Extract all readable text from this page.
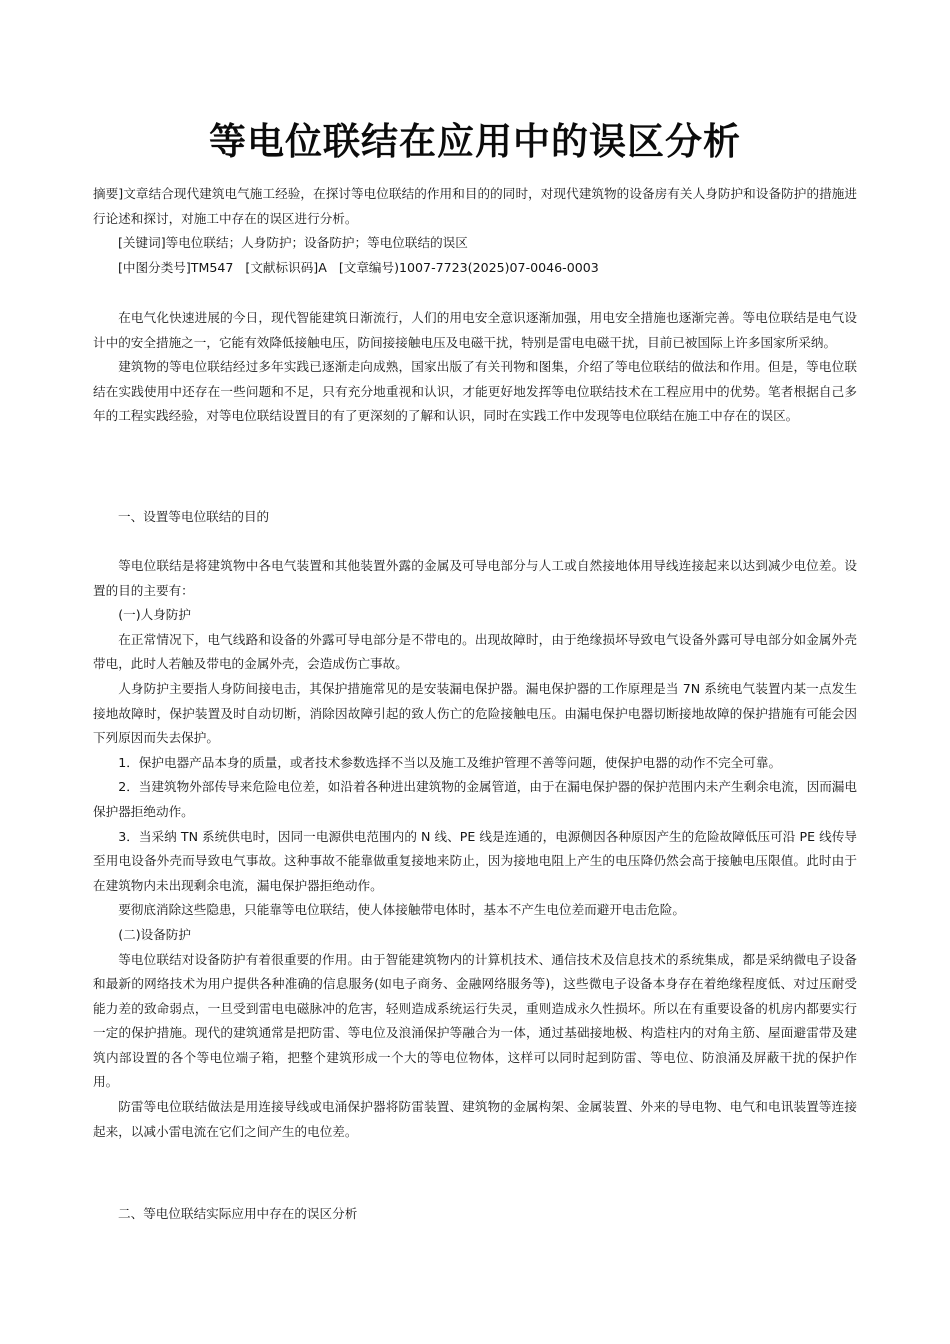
等电位联结在应用中的误区分析

摘要]文章结合现代建筑电气施工经验，在探讨等电位联结的作用和目的的同时，对现代建筑物的设备房有关人身防护和设备防护的措施进行论述和探讨，对施工中存在的误区进行分析。

[关键词]等电位联结；人身防护；设备防护；等电位联结的误区
[中图分类号]TM547   [文献标识码]A   [文章编号)1007-7723(2025)07-0046-0003

在电气化快速进展的今日，现代智能建筑日渐流行，人们的用电安全意识逐渐加强，用电安全措施也逐渐完善。等电位联结是电气设计中的安全措施之一，它能有效降低接触电压，防间接接触电压及电磁干扰，特别是雷电电磁干扰，目前已被国际上许多国家所采纳。

建筑物的等电位联结经过多年实践已逐渐走向成熟，国家出版了有关刊物和图集，介绍了等电位联结的做法和作用。但是，等电位联结在实践使用中还存在一些问题和不足，只有充分地重视和认识，才能更好地发挥等电位联结技术在工程应用中的优势。笔者根据自己多年的工程实践经验，对等电位联结设置目的有了更深刻的了解和认识，同时在实践工作中发现等电位联结在施工中存在的误区。

一、设置等电位联结的目的

等电位联结是将建筑物中各电气装置和其他装置外露的金属及可导电部分与人工或自然接地体用导线连接起来以达到减少电位差。设置的目的主要有：

(一)人身防护

在正常情况下，电气线路和设备的外露可导电部分是不带电的。出现故障时，由于绝缘损坏导致电气设备外露可导电部分如金属外壳带电，此时人若触及带电的金属外壳，会造成伤亡事故。

人身防护主要指人身防间接电击，其保护措施常见的是安装漏电保护器。漏电保护器的工作原理是当 7N 系统电气装置内某一点发生接地故障时，保护装置及时自动切断，消除因故障引起的致人伤亡的危险接触电压。由漏电保护电器切断接地故障的保护措施有可能会因下列原因而失去保护。

1．保护电器产品本身的质量，或者技术参数选择不当以及施工及维护管理不善等问题，使保护电器的动作不完全可靠。

2．当建筑物外部传导来危险电位差，如沿着各种进出建筑物的金属管道，由于在漏电保护器的保护范围内未产生剩余电流，因而漏电保护器拒绝动作。

3．当采纳 TN 系统供电时，因同一电源供电范围内的 N 线、PE 线是连通的，电源侧因各种原因产生的危险故障低压可沿 PE 线传导至用电设备外壳而导致电气事故。这种事故不能靠做重复接地来防止，因为接地电阻上产生的电压降仍然会高于接触电压限值。此时由于在建筑物内未出现剩余电流，漏电保护器拒绝动作。

要彻底消除这些隐患，只能靠等电位联结，使人体接触带电体时，基本不产生电位差而避开电击危险。

(二)设备防护

等电位联结对设备防护有着很重要的作用。由于智能建筑物内的计算机技术、通信技术及信息技术的系统集成，都是采纳微电子设备和最新的网络技术为用户提供各种准确的信息服务(如电子商务、金融网络服务等)，这些微电子设备本身存在着绝缘程度低、对过压耐受能力差的致命弱点，一旦受到雷电电磁脉冲的危害，轻则造成系统运行失灵，重则造成永久性损坏。所以在有重要设备的机房内都要实行一定的保护措施。现代的建筑通常是把防雷、等电位及浪涌保护等融合为一体，通过基础接地极、构造柱内的对角主筋、屋面避雷带及建筑内部设置的各个等电位端子箱，把整个建筑形成一个大的等电位物体，这样可以同时起到防雷、等电位、防浪涌及屏蔽干扰的保护作用。

防雷等电位联结做法是用连接导线或电涌保护器将防雷装置、建筑物的金属构架、金属装置、外来的导电物、电气和电讯装置等连接起来，以减小雷电流在它们之间产生的电位差。

二、等电位联结实际应用中存在的误区分析
